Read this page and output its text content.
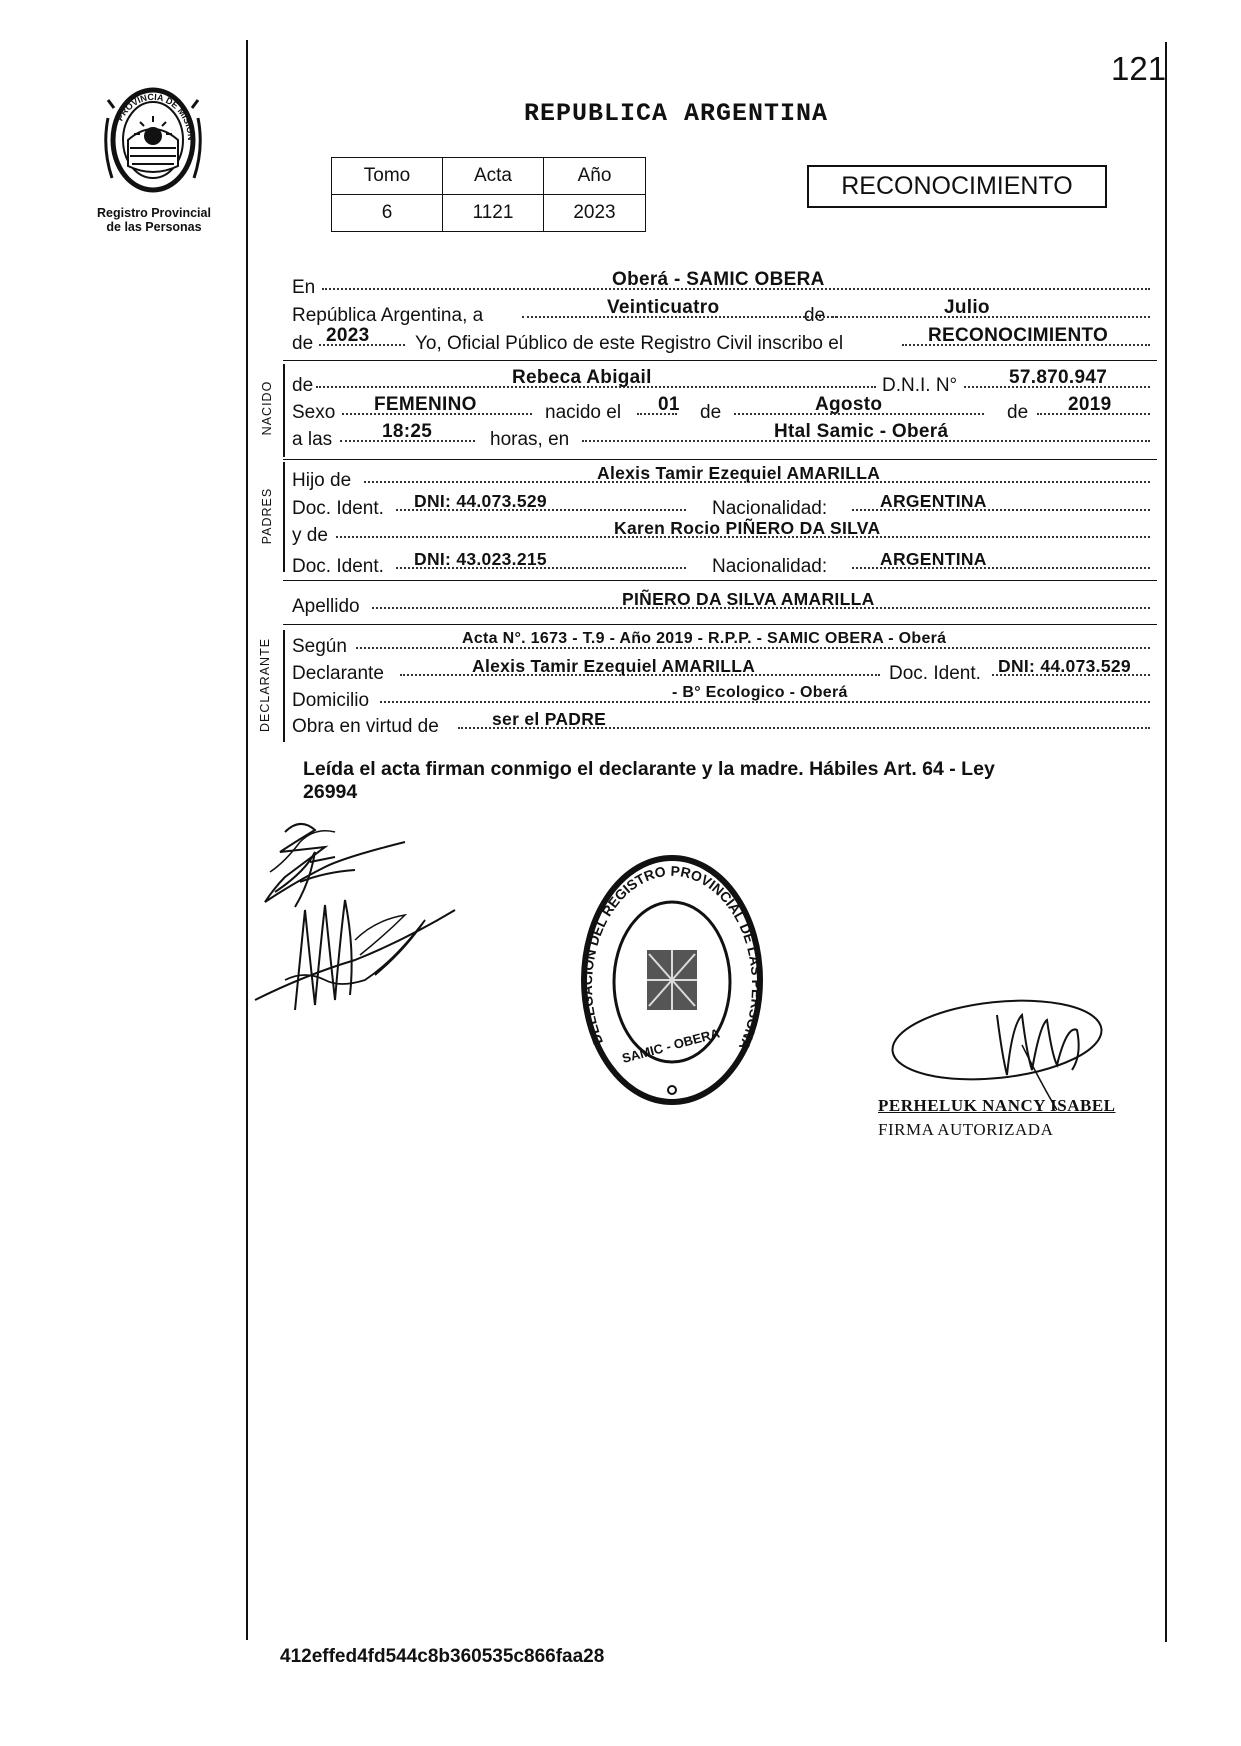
121
PROVINCIA DE MISION
Registro Provincial
de las Personas
REPUBLICA ARGENTINA
Tomo	Acta	Año
6	1121	2023
RECONOCIMIENTO
En	Oberá - SAMIC OBERA
República Argentina, a	Veinticuatro	de	Julio
de 2023 Yo, Oficial Público de este Registro Civil inscribo el	RECONOCIMIENTO
NACIDO de	Rebeca Abigail	D.N.I. N°	57.870.947
Sexo FEMENINO	nacido el 01 de	Agosto	de 2019
a las	18:25	horas, en	Htal Samic - Oberá
PADRES
Hijo de	Alexis Tamir Ezequiel AMARILLA
Doc. Ident. DNI: 44.073.529	Nacionalidad:	ARGENTINA
y de	Karen Rocio PIÑERO DA SILVA
Doc. Ident. DNI: 43.023.215	Nacionalidad:	ARGENTINA
Apellido	PIÑERO DA SILVA AMARILLA
DECLARANTE Según	Acta N°. 1673 - T.9 - Año 2019 - R.P.P. - SAMIC OBERA - Oberá
Declarante	Alexis Tamir Ezequiel AMARILLA	Doc. Ident. DNI: 44.073.529
Domicilio	- B° Ecologico - Oberá
Obra en virtud de	ser el PADRE
Leída el acta firman conmigo el declarante y la madre. Hábiles Art. 64 - Ley
26994
DELEGACION DEL REGISTRO PROVINCIAL DE LAS PERSONA
SAMIC - OBERA
PERHELUK NANCY ISABEL
FIRMA AUTORIZADA
412effed4fd544c8b360535c866faa28
